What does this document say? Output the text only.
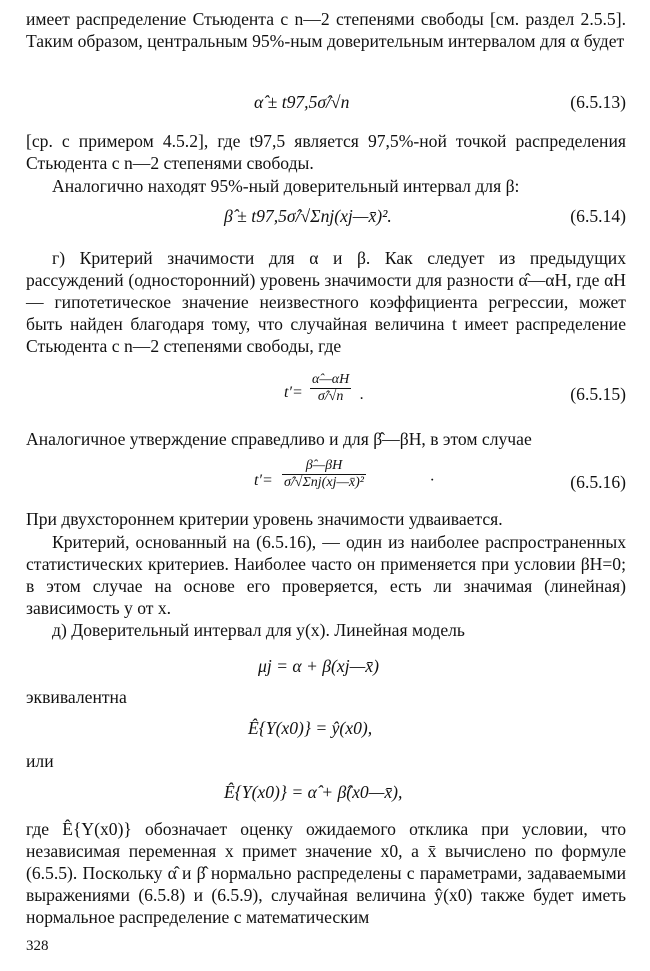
имеет распределение Стьюдента с n—2 степенями свободы [см. раздел 2.5.5]. Таким образом, центральным 95%-ным доверительным интервалом для α будет

α̂ ± t97,5σ̂/√n	(6.5.13)

[ср. с примером 4.5.2], где t97,5 является 97,5%-ной точкой распределения Стьюдента с n—2 степенями свободы.

Аналогично находят 95%-ный доверительный интервал для β:

β̂ ± t97,5σ̂/√Σnj(xj—x̄)².	(6.5.14)

г) Критерий значимости для α и β. Как следует из предыдущих рассуждений (односторонний) уровень значимости для разности α̂—αH, где αH — гипотетическое значение неизвестного коэффициента регрессии, может быть найден благодаря тому, что случайная величина t имеет распределение Стьюдента с n—2 степенями свободы, где

$t'= \frac{\alphâ—\alpha H}{\sigmâ/√n}$ .	(6.5.15)

Аналогичное утверждение справедливо и для β̂—βH, в этом случае

t′=
β̂—βH
σ̂/√Σnj(xj—x̄)²	·	(6.5.16)

При двухстороннем критерии уровень значимости удваивается.

Критерий, основанный на (6.5.16), — один из наиболее распространенных статистических критериев. Наиболее часто он применяется при условии βH=0; в этом случае на основе его проверяется, есть ли значимая (линейная) зависимость y от x.

д) Доверительный интервал для y(x). Линейная модель

μj = α + β(xj—x̄)

эквивалентна

Ê{Y(x0)} = ŷ(x0),

или

Ê{Y(x0)} = α̂ + β̂(x0—x̄),

где Ê{Y(x0)} обозначает оценку ожидаемого отклика при условии, что независимая переменная x примет значение x0, а x̄ вычислено по формуле (6.5.5). Поскольку α̂ и β̂ нормально распределены с параметрами, задаваемыми выражениями (6.5.8) и (6.5.9), случайная величина ŷ(x0) также будет иметь нормальное распределение с математическим

328
